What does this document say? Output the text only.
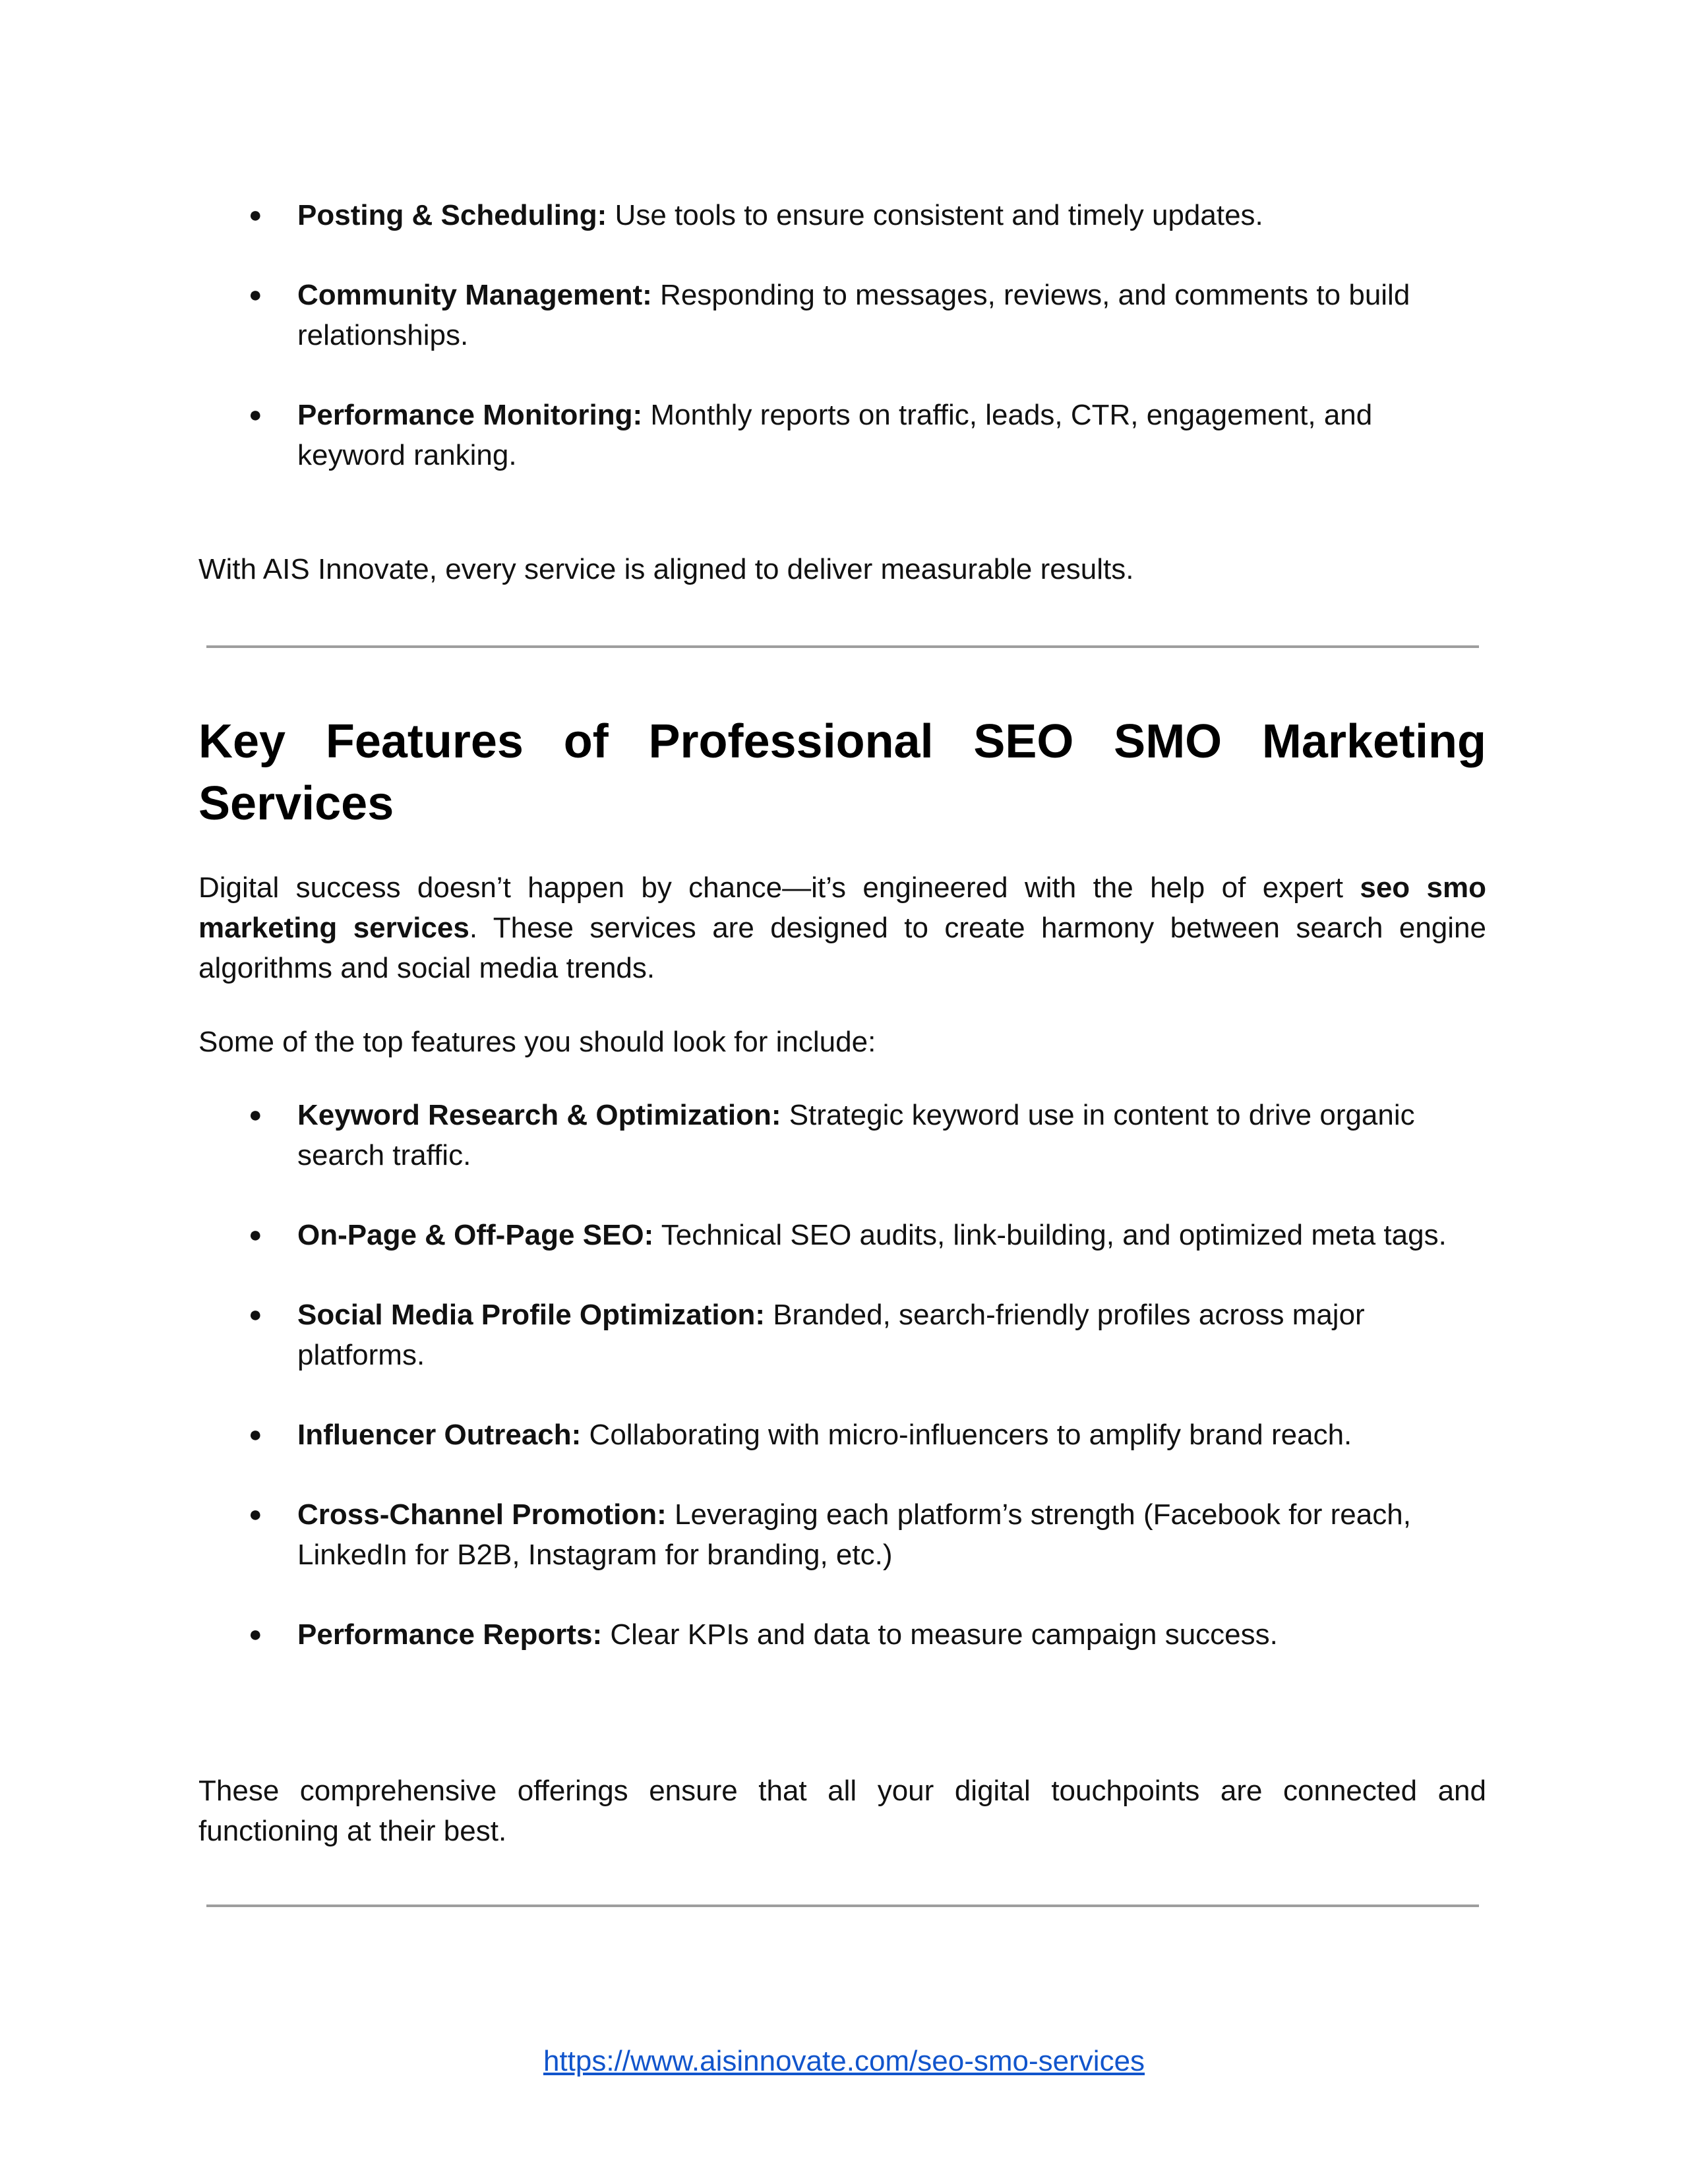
● Posting & Scheduling: Use tools to ensure consistent and timely updates.
● Community Management: Responding to messages, reviews, and comments to build relationships.
● Performance Monitoring: Monthly reports on traffic, leads, CTR, engagement, and keyword ranking.

With AIS Innovate, every service is aligned to deliver measurable results.

Key Features of Professional SEO SMO Marketing Services

Digital success doesn’t happen by chance—it’s engineered with the help of expert seo smo marketing services. These services are designed to create harmony between search engine algorithms and social media trends.

Some of the top features you should look for include:

● Keyword Research & Optimization: Strategic keyword use in content to drive organic search traffic.
● On-Page & Off-Page SEO: Technical SEO audits, link-building, and optimized meta tags.
● Social Media Profile Optimization: Branded, search-friendly profiles across major platforms.
● Influencer Outreach: Collaborating with micro-influencers to amplify brand reach.
● Cross-Channel Promotion: Leveraging each platform’s strength (Facebook for reach, LinkedIn for B2B, Instagram for branding, etc.)
● Performance Reports: Clear KPIs and data to measure campaign success.

These comprehensive offerings ensure that all your digital touchpoints are connected and functioning at their best.

https://www.aisinnovate.com/seo-smo-services
